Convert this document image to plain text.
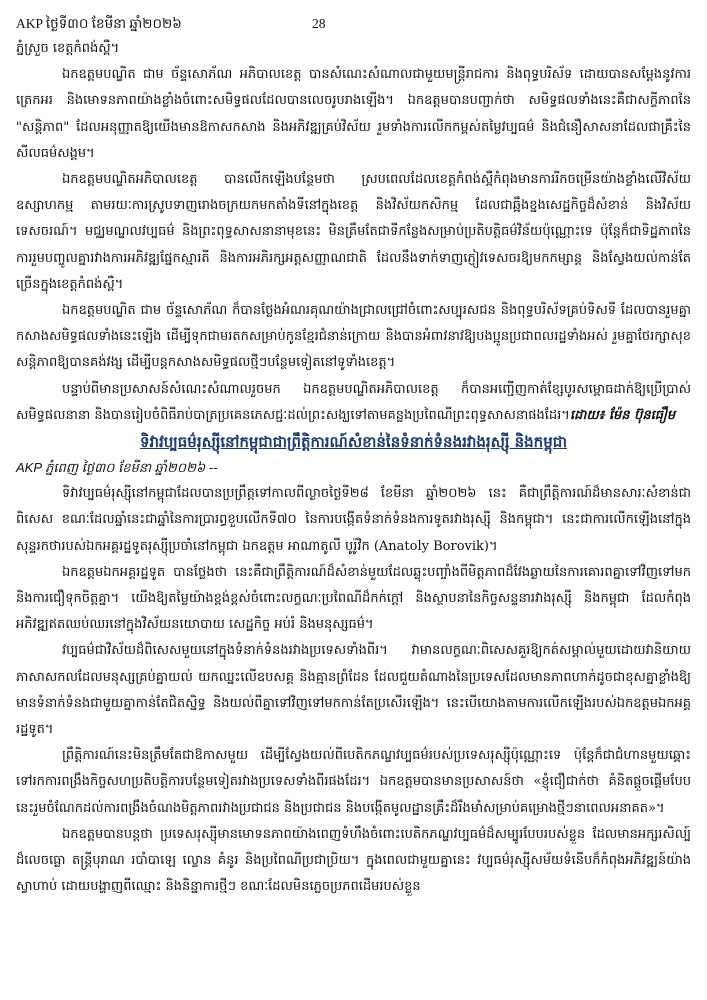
AKP ថ្ងៃទី៣០ ខែមីនា ឆ្នាំ២០២៦	28

ភ្នំស្រួច ខេត្តកំពង់ស្ពឺ។

ឯកឧត្តមបណ្ឌិត ជាម ច័ន្ទសោភ័ណ អភិបាលខេត្ត បានសំណេះសំណាលជាមួយមន្ត្រីរាជការ និងពុទ្ធបរិស័ទ ដោយបានសម្តែងនូវការត្រេកអរ និងមោទនភាពយ៉ាងខ្លាំងចំពោះសមិទ្ធផលដែលបានលេចរូបរាងឡើង។ ឯកឧត្តមបានបញ្ជាក់ថា សមិទ្ធផលទាំងនេះគឺជាសក្ខីភាពនៃ "សន្តិភាព" ដែលអនុញ្ញាតឱ្យយើងមានឱកាសកសាង និងអភិវឌ្ឍគ្រប់វិស័យ រួមទាំងការលើកកម្ពស់តម្លៃវប្បធម៌ និងជំនឿសាសនាដែលជាគ្រឹះនៃសីលធម៌សង្គម។

ឯកឧត្តមបណ្ឌិតអភិបាលខេត្ត បានលើកឡើងបន្ថែមថា ស្របពេលដែលខេត្តកំពង់ស្ពឺកំពុងមានការរីកចម្រើនយ៉ាងខ្លាំងលើវិស័យឧស្សាហកម្ម តាមរយៈការស្រូបទាញរោងចក្រយកមកតាំងទីនៅក្នុងខេត្ត និងវិស័យកសិកម្ម ដែលជាឆ្អឹងខ្នងសេដ្ឋកិច្ចដ៏សំខាន់ និងវិស័យទេសចរណ៍។ មជ្ឈមណ្ឌលវប្បធម៌ និងព្រះពុទ្ធសាសនានាមុខនេះ មិនត្រឹមតែជាទីកន្លែងសម្រាប់ប្រតិបត្តិធម៌វិន័យប៉ុណ្ណោះទេ ប៉ុន្តែក៏ជាទិដ្ឋភាពនៃការរួមបញ្ចូលគ្នារវាងការអភិវឌ្ឍផ្នែកស្មារតី និងការអភិរក្សអត្តសញ្ញាណជាតិ ដែលនឹងទាក់ទាញភ្ញៀវទេសចរឱ្យមកកម្សាន្ត និងស្វែងយល់កាន់តែច្រើនក្នុងខេត្តកំពង់ស្ពឺ។

ឯកឧត្តមបណ្ឌិត ជាម ច័ន្ទសោភ័ណ ក៏បានថ្លែងអំណរគុណយ៉ាងជ្រាលជ្រៅចំពោះសប្បុរសជន និងពុទ្ធបរិស័ទគ្រប់ទិសទី ដែលបានរួមគ្នាកសាងសមិទ្ធផលទាំងនេះឡើង ដើម្បីទុកជាមរតកសម្រាប់កូនខ្មែរជំនាន់ក្រោយ និងបានអំពាវនាវឱ្យបងប្អូនប្រជាពលរដ្ឋទាំងអស់ រួមគ្នាថែរក្សាសុខសន្តិភាពឱ្យបានគង់វង្ស ដើម្បីបន្តកសាងសមិទ្ធផលថ្មីៗបន្ថែមទៀតនៅទូទាំងខេត្ត។

បន្ទាប់ពីមានប្រសាសន៍សំណេះសំណាលរួចមក ឯកឧត្តមបណ្ឌិតអភិបាលខេត្ត ក៏បានអញ្ជើញកាត់ខ្សែបូរសម្ពោធដាក់ឱ្យប្រើប្រាស់សមិទ្ធផលនានា និងបានរៀបចំពិធីរាប់បាត្រប្រគេនភេសជ្ជៈដល់ព្រះសង្ឃទៅតាមគន្លងប្រពៃណីព្រះពុទ្ធសាសនាផងដែរ។ដោយ៖ ម៉ែន ប៊ុនធឿម

ទិវាវប្បធម៌រុស្ស៊ីនៅកម្ពុជាជាព្រឹត្តិការណ៍សំខាន់នៃទំនាក់ទំនងរវាងរុស្ស៊ី និងកម្ពុជា

AKP ភ្នំពេញ ថ្ងៃ៣០ ខែមីនា ឆ្នាំ២០២៦ --

ទិវាវប្បធម៌រុស្ស៊ីនៅកម្ពុជាដែលបានប្រព្រឹត្តទៅកាលពីល្ងាចថ្ងៃទី២៨ ខែមីនា ឆ្នាំ២០២៦ នេះ គឺជាព្រឹត្តិការណ៍ដ៏មានសារៈសំខាន់ជាពិសេស ខណៈដែលឆ្នាំនេះជាឆ្នាំនៃការប្រារព្ធខួបលើកទី៧០ នៃការបង្កើតទំនាក់ទំនងការទូតរវាងរុស្ស៊ី និងកម្ពុជា។ នេះជាការលើកឡើងនៅក្នុងសុន្ទរកថារបស់ឯកអគ្គរដ្ឋទូតរុស្ស៊ីប្រចាំនៅកម្ពុជា ឯកឧត្តម អាណាតូលី បូរ៉ូវិក (Anatoly Borovik)។

ឯកឧត្តមឯកអគ្គរដ្ឋទូត បានថ្លែងថា នេះគឺជាព្រឹត្តិការណ៍ដ៏សំខាន់មួយដែលឆ្លុះបញ្ចាំងពីមិត្តភាពដ៏វែងឆ្ងាយនៃការគោរពគ្នាទៅវិញទៅមក និងការជឿទុកចិត្តគ្នា។ យើងឱ្យតម្លៃយ៉ាងខ្ពង់ខ្ពស់ចំពោះលក្ខណៈប្រពៃណីដ៏កក់ក្តៅ និងស្ថាបនានៃកិច្ចសន្ទនារវាងរុស្ស៊ី និងកម្ពុជា ដែលកំពុងអភិវឌ្ឍឥតឈប់ឈរនៅក្នុងវិស័យនយោបាយ សេដ្ឋកិច្ច អប់រំ និងមនុស្សធម៌។

វប្បធម៌ជាវិស័យដ៏ពិសេសមួយនៅក្នុងទំនាក់ទំនងរវាងប្រទេសទាំងពីរ។ វាមានលក្ខណៈពិសេសគួរឱ្យកត់សម្គាល់មួយដោយវានិយាយភាសាសកលដែលមនុស្សគ្រប់គ្នាយល់ យកឈ្នះលើឧបសគ្គ និងគ្មានព្រំដែន ដែលជួយតំណាងនៃប្រទេសដែលមានភាពហាក់ដូចជាខុសគ្នាខ្លាំងឱ្យមានទំនាក់ទំនងជាមួយគ្នាកាន់តែជិតស្និទ្ធ និងយល់ពីគ្នាទៅវិញទៅមកកាន់តែប្រសើរឡើង។ នេះបើយោងតាមការលើកឡើងរបស់ឯកឧត្តមឯកអគ្គរដ្ឋទូត។

ព្រឹត្តិការណ៍នេះមិនត្រឹមតែជាឱកាសមួយ ដើម្បីស្វែងយល់ពីបេតិកភណ្ឌវប្បធម៌របស់ប្រទេសរុស្ស៊ីប៉ុណ្ណោះទេ ប៉ុន្តែក៏ជាជំហានមួយឆ្ពោះទៅរកការពង្រឹងកិច្ចសហប្រតិបត្តិការបន្ថែមទៀតរវាងប្រទេសទាំងពីរផងដែរ។ ឯកឧត្តមបានមានប្រសាសន៍ថា «ខ្ញុំជឿជាក់ថា គំនិតផ្តួចផ្តើមបែបនេះរួមចំណែកដល់ការពង្រឹងចំណងមិត្តភាពរវាងប្រជាជន និងប្រជាជន និងបង្កើតមូលដ្ឋានគ្រឹះដ៏រឹងមាំសម្រាប់គម្រោងថ្មីៗនាពេលអនាគត»។

ឯកឧត្តមបានបន្តថា ប្រទេសរុស្ស៊ីមានមោទនភាពយ៉ាងពេញទំហឹងចំពោះបេតិកភណ្ឌវប្បធម៌ដ៏សម្បូរបែបរបស់ខ្លួន ដែលមានអក្សរសិល្ប៍ដ៏លេចធ្លោ តន្ត្រីបុរាណ របាំបាឡេ ល្ខោន គំនូរ និងប្រពៃណីប្រជាប្រិយ។ ក្នុងពេលជាមួយគ្នានេះ វប្បធម៌រុស្ស៊ីសម័យទំនើបក៏កំពុងអភិវឌ្ឍន៍យ៉ាងស្វាហាប់ ដោយបង្ហាញពីឈ្មោះ និងនិន្នាការថ្មីៗ ខណៈដែលមិនភ្លេចប្រភពដើមរបស់ខ្លួន
